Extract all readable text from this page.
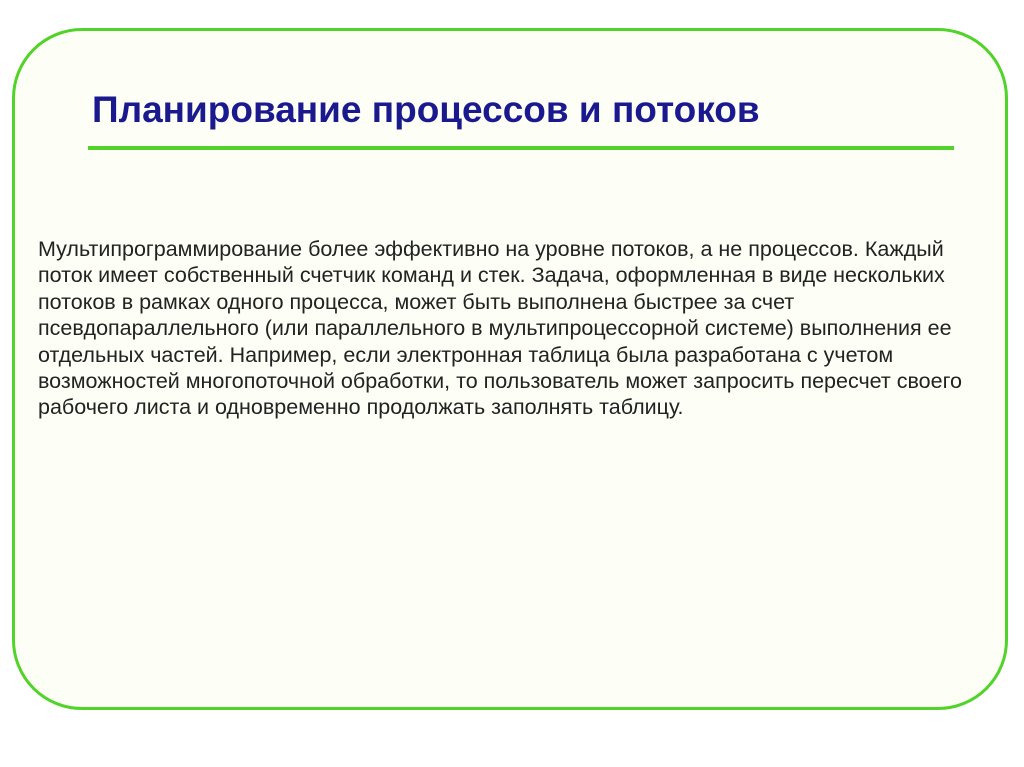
Планирование процессов и потоков

Мультипрограммирование более эффективно на уровне потоков, а не процессов. Каждый поток имеет собственный счетчик команд и стек. Задача, оформленная в виде нескольких потоков в рамках одного процесса, может быть выполнена быстрее за счет псевдопараллельного (или параллельного в мультипроцессорной системе) выполнения ее отдельных частей. Например, если электронная таблица была разработана с учетом возможностей многопоточной обработки, то пользователь может запросить пересчет своего рабочего листа и одновременно продолжать заполнять таблицу.
